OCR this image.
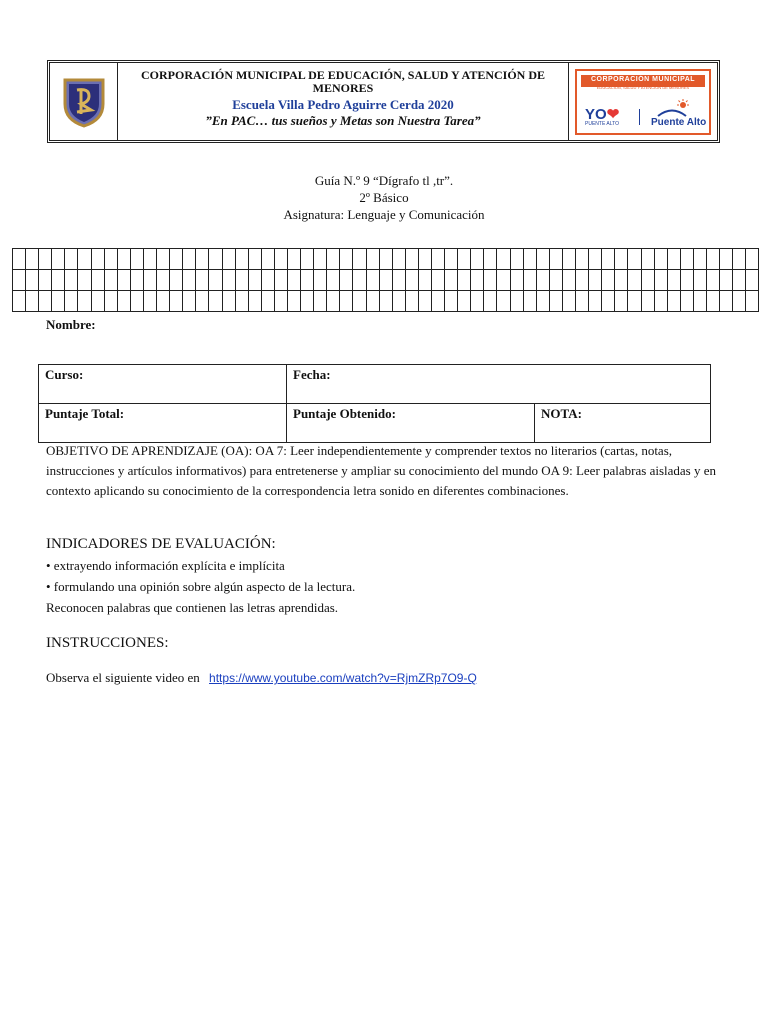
CORPORACIÓN MUNICIPAL DE EDUCACIÓN, SALUD Y ATENCIÓN DE MENORES
Escuela Villa Pedro Aguirre Cerda 2020
”En PAC… tus sueños y Metas son Nuestra Tarea”
CORPORACIÓN MUNICIPAL
EDUCACIÓN, SALUD Y ATENCIÓN DE MENORES
YO❤
PUENTE ALTO	Puente Alto
Guía N.º 9 “Dígrafo tl ,tr”.
2º Básico
Asignatura: Lenguaje y Comunicación

Nombre:
Curso:	Fecha:	
Puntaje Total:	Puntaje Obtenido:	NOTA:
OBJETIVO DE APRENDIZAJE (OA): OA 7: Leer independientemente y comprender textos no literarios (cartas, notas, instrucciones y artículos informativos) para entretenerse y ampliar su conocimiento del mundo OA 9: Leer palabras aisladas y en contexto aplicando su conocimiento de la correspondencia letra sonido en diferentes combinaciones.
INDICADORES DE EVALUACIÓN:
• extrayendo información explícita e implícita
• formulando una opinión sobre algún aspecto de la lectura.
Reconocen palabras que contienen las letras aprendidas.
INSTRUCCIONES:
Observa el siguiente video en https://www.youtube.com/watch?v=RjmZRp7O9-Q
